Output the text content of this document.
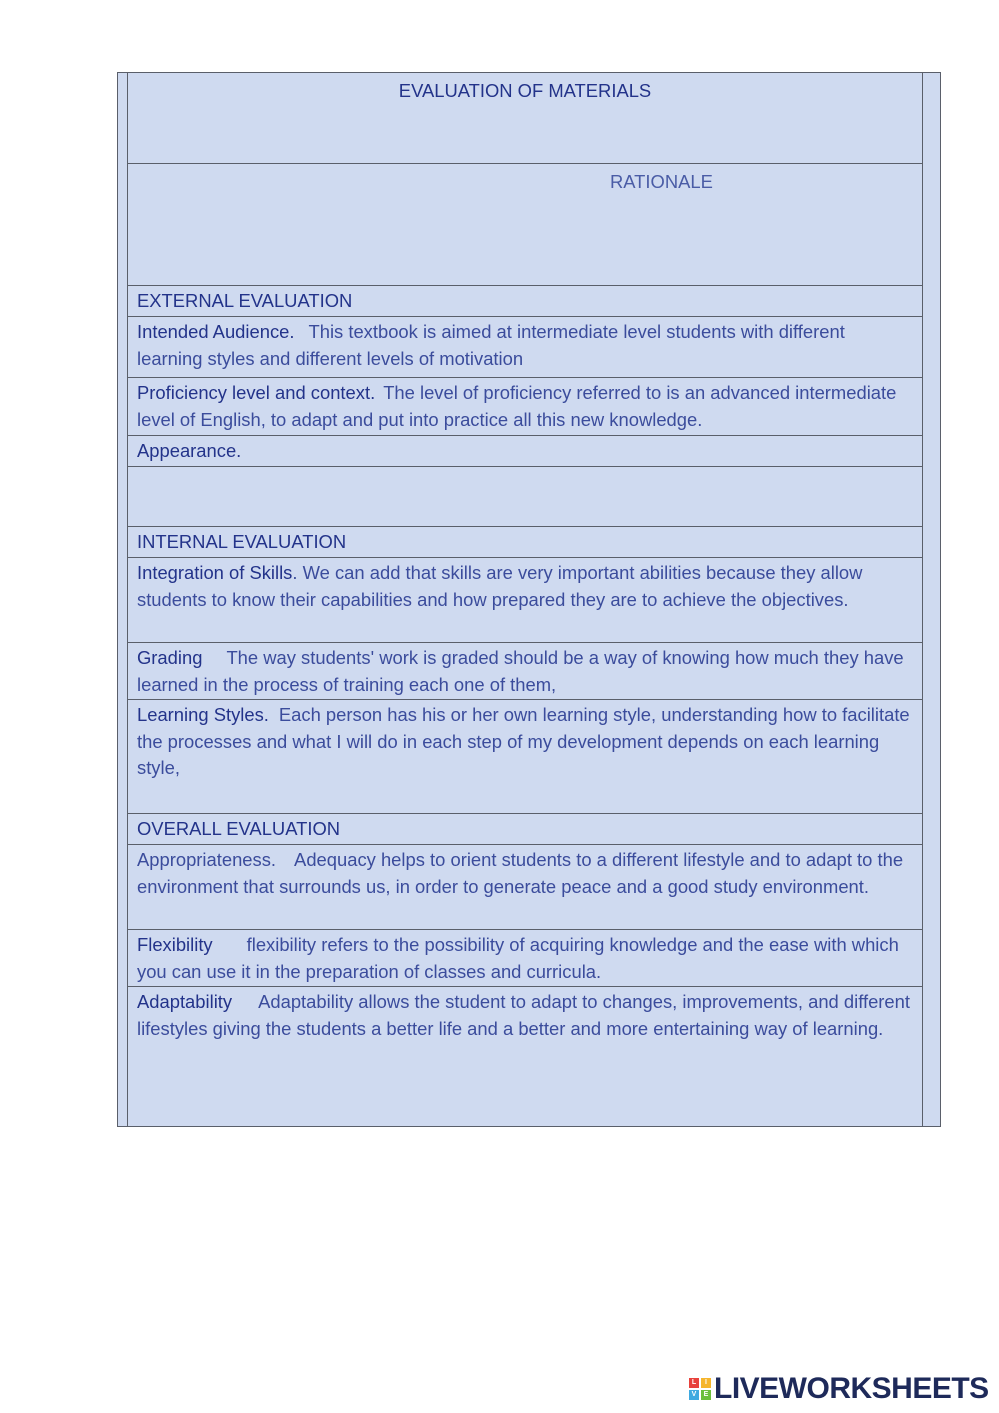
EVALUATION OF MATERIALS
RATIONALE
EXTERNAL EVALUATION
Intended Audience. This textbook is aimed at intermediate level students with different learning styles and different levels of motivation
Proficiency level and context. The level of proficiency referred to is an advanced intermediate level of English, to adapt and put into practice all this new knowledge.
Appearance.
INTERNAL EVALUATION
Integration of Skills. We can add that skills are very important abilities because they allow students to know their capabilities and how prepared they are to achieve the objectives.
Grading The way students' work is graded should be a way of knowing how much they have learned in the process of training each one of them,
Learning Styles. Each person has his or her own learning style, understanding how to facilitate the processes and what I will do in each step of my development depends on each learning style,
OVERALL EVALUATION
Appropriateness. Adequacy helps to orient students to a different lifestyle and to adapt to the environment that surrounds us, in order to generate peace and a good study environment.
Flexibility flexibility refers to the possibility of acquiring knowledge and the ease with which you can use it in the preparation of classes and curricula.
Adaptability Adaptability allows the student to adapt to changes, improvements, and different lifestyles giving the students a better life and a better and more entertaining way of learning.
L	I
V	E LIVEWORKSHEETS
